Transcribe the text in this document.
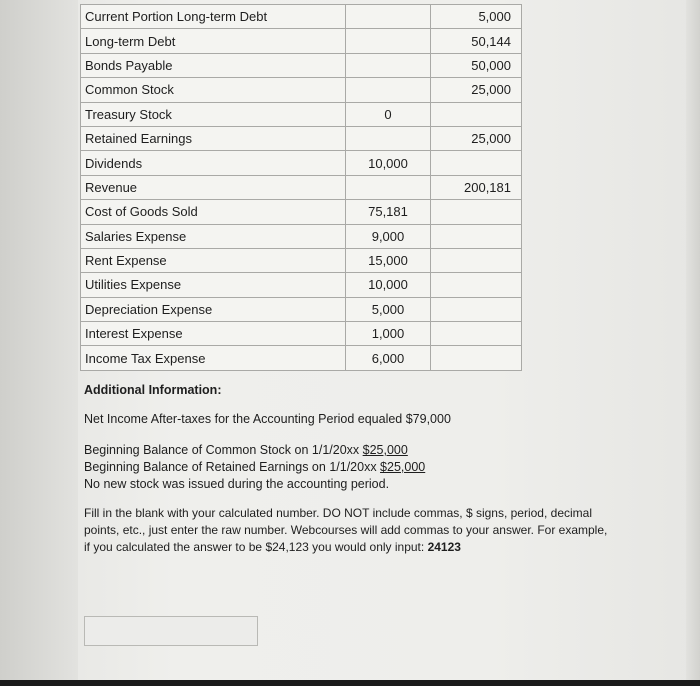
Current Portion Long-term Debt		5,000
Long-term Debt		50,144
Bonds Payable		50,000
Common Stock		25,000
Treasury Stock	0	
Retained Earnings		25,000
Dividends	10,000	
Revenue		200,181
Cost of Goods Sold	75,181	
Salaries Expense	9,000	
Rent Expense	15,000	
Utilities Expense	10,000	
Depreciation Expense	5,000	
Interest Expense	1,000	
Income Tax Expense	6,000	

Additional Information:

Net Income After-taxes for the Accounting Period equaled $79,000

Beginning Balance of Common Stock on 1/1/20xx $25,000

Beginning Balance of Retained Earnings on 1/1/20xx $25,000

No new stock was issued during the accounting period.

Fill in the blank with your calculated number. DO NOT include commas, $ signs, period, decimal

points, etc., just enter the raw number. Webcourses will add commas to your answer. For example,

if you calculated the answer to be $24,123 you would only input: 24123
